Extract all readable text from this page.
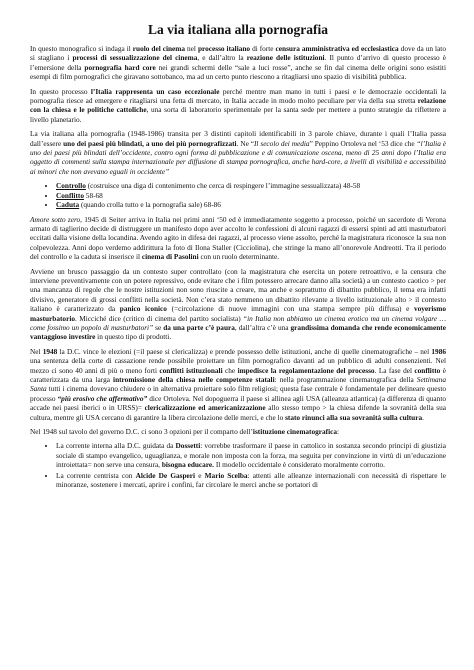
La via italiana alla pornografia

In questo monografico si indaga il ruolo del cinema nel processo italiano di forte censura amministrativa ed ecclesiastica dove da un lato si stagliano i processi di sessualizzazione del cinema, e dall’altro la reazione delle istituzioni. Il punto d’arrivo di questo processo è l’emersione della pornografia hard core nei grandi schermi delle “sale a luci rosse”, anche se fin dal cinema delle origini sono esistiti esempi di film pornografici che giravano sottobanco, ma ad un certo punto riescono a ritagliarsi uno spazio di visibilità pubblica.

In questo processo l’Italia rappresenta un caso eccezionale perché mentre man mano in tutti i paesi e le democrazie occidentali la pornografia riesce ad emergere e ritagliarsi una fetta di mercato, in Italia accade in modo molto peculiare per via della sua stretta relazione con la chiesa e le politiche cattoliche, una sorta di laboratorio sperimentale per la santa sede per mettere a punto strategie da riflettere a livello planetario.

La via italiana alla pornografia (1948-1986) transita per 3 distinti capitoli identificabili in 3 parole chiave, durante i quali l’Italia passa dall’essere uno dei paesi più blindati, a uno dei più pornografizzati. Ne “Il secolo dei media” Peppino Ortoleva nel ‘53 dice che “l’Italia è uno dei paesi più blindati dell’occidente, contro ogni forma di pubblicazione e di comunicazione oscena, meno di 25 anni dopo l’Italia era oggetto di commenti sulla stampa internazionale per diffusione di stampa pornografica, anche hard-core, a livelli di visibilità e accessibilità ai minori che non avevano eguali in occidente”

• Controllo (costruisce una diga di contenimento che cerca di respingere l’immagine sessualizzata) 48-58
• Conflitto 58-68
• Caduta (quando crolla tutto e la pornografia sale) 68-86

Amore sotto zero, 1945 di Seiter arriva in Italia nei primi anni ‘50 ed è immediatamente soggetto a processo, poiché un sacerdote di Verona armato di taglierino decide di distruggere un manifesto dopo aver accolto le confessioni di alcuni ragazzi di essersi spinti ad atti masturbatori eccitati dalla visione della locandina. Avendo agito in difesa dei ragazzi, al processo viene assolto, perché la magistratura riconosce la sua non colpevolezza. Anni dopo verdemo addirittura la foto di Ilona Staller (Cicciolina), che stringe la mano all’onorevole Andreotti. Tra il periodo del controllo e la caduta si inserisce il cinema di Pasolini con un ruolo determinante.

Avviene un brusco passaggio da un contesto super controllato (con la magistratura che esercita un potere retroattivo, e la censura che interviene preventivamente con un potere repressivo, onde evitare che i film potessero arrecare danno alla società) a un contesto caotico > per una mancanza di regole che le nostre istituzioni non sono riuscite a creare, ma anche e soprattutto di dibattito pubblico, il tema era infatti divisivo, generatore di grossi conflitti nella società. Non c’era stato nemmeno un dibattito rilevante a livello istituzionale alto > il contesto italiano è caratterizzato da panico iconico (=circolazione di nuove immagini con una stampa sempre più diffusa) e voyerismo masturbatorio. Micciché dice (critico di cinema del partito socialista) “in Italia non abbiamo un cinema erotico ma un cinema volgare … come fossimo un popolo di masturbatori” se da una parte c’è paura, dall’altra c’è una grandissima domanda che rende economicamente vantaggioso investire in questo tipo di prodotti.

Nel 1948 la D.C. vince le elezioni (=il paese si clericalizza) e prende possesso delle istituzioni, anche di quelle cinematografiche – nel 1986 una sentenza della corte di cassazione rende possibile proiettare un film pornografico davanti ad un pubblico di adulti consenzienti. Nel mezzo ci sono 40 anni di più o meno forti conflitti istituzionali che impedisce la regolamentazione del processo. La fase del conflitto è caratterizzata da una larga intromissione della chiesa nelle competenze statali: nella programmazione cinematografica della Settimana Santa tutti i cinema dovevano chiudere o in alternativa proiettare solo film religiosi; questa fase centrale è fondamentale per delineare questo processo “più erosivo che affermativo” dice Ortoleva. Nel dopoguerra il paese si allinea agli USA (alleanza atlantica) (a differenza di quanto accade nei paesi iberici o in URSS)= clericalizzazione ed americanizzazione allo stesso tempo > la chiesa difende la sovranità della sua cultura, mentre gli USA cercano di garantire la libera circolazione delle merci, e che lo stato rinunci alla sua sovranità sulla cultura.

Nel 1948 sul tavolo del governo D.C. ci sono 3 opzioni per il comparto dell’istituzione cinematografica:

• La corrente interna alla D.C. guidata da Dossetti: vorrebbe trasformare il paese in cattolico in sostanza secondo principi di giustizia sociale di stampo evangelico, uguaglianza, e morale non imposta con la forza, ma seguita per convinzione in virtù di un’educazione introiettata= non serve una censura, bisogna educare. Il modello occidentale è considerato moralmente corrotto.
• La corrente centrista con Alcide De Gasperi e Mario Scelba: attenti alle alleanze internazionali con necessità di rispettare le minoranze, sostenere i mercati, aprire i confini, far circolare le merci anche se portatori di
